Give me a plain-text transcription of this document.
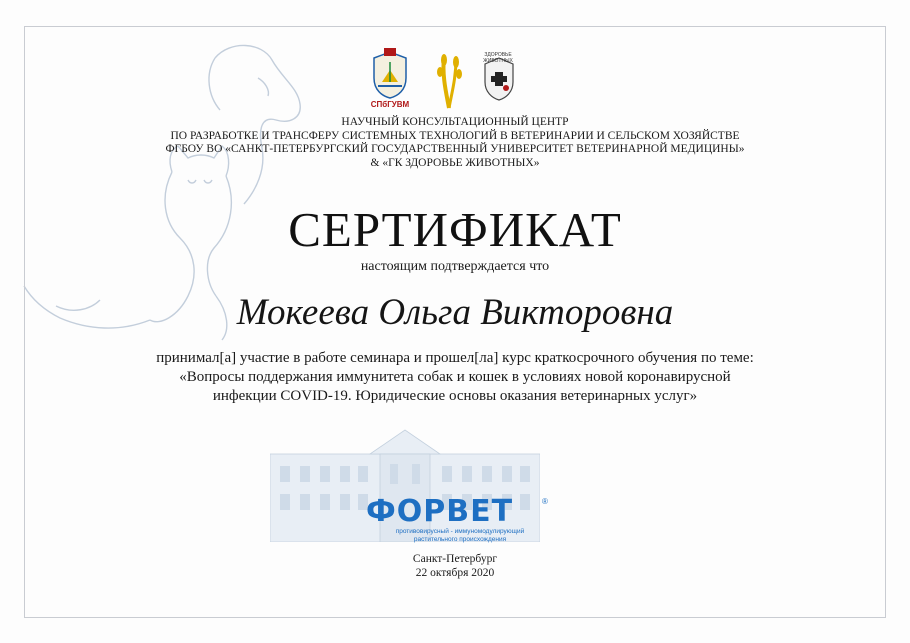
СПбГУВМ
ЗДОРОВЬЕ ЖИВОТНЫХ
НАУЧНЫЙ КОНСУЛЬТАЦИОННЫЙ ЦЕНТР
ПО РАЗРАБОТКЕ И ТРАНСФЕРУ СИСТЕМНЫХ ТЕХНОЛОГИЙ В ВЕТЕРИНАРИИ И СЕЛЬСКОМ ХОЗЯЙСТВЕ
ФГБОУ ВО «САНКТ-ПЕТЕРБУРГСКИЙ ГОСУДАРСТВЕННЫЙ УНИВЕРСИТЕТ ВЕТЕРИНАРНОЙ МЕДИЦИНЫ»
& «ГК ЗДОРОВЬЕ ЖИВОТНЫХ»
СЕРТИФИКАТ
настоящим подтверждается что
Мокеева Ольга Викторовна
принимал[а] участие в работе семинара и прошел[ла] курс краткосрочного обучения по теме:
«Вопросы поддержания иммунитета собак и кошек в условиях новой коронавирусной
инфекции COVID-19. Юридические основы оказания ветеринарных услуг»
ФОРВЕТ	®
противовирусный - иммуномодулирующий
растительного происхождения
Санкт-Петербург
22 октября 2020
